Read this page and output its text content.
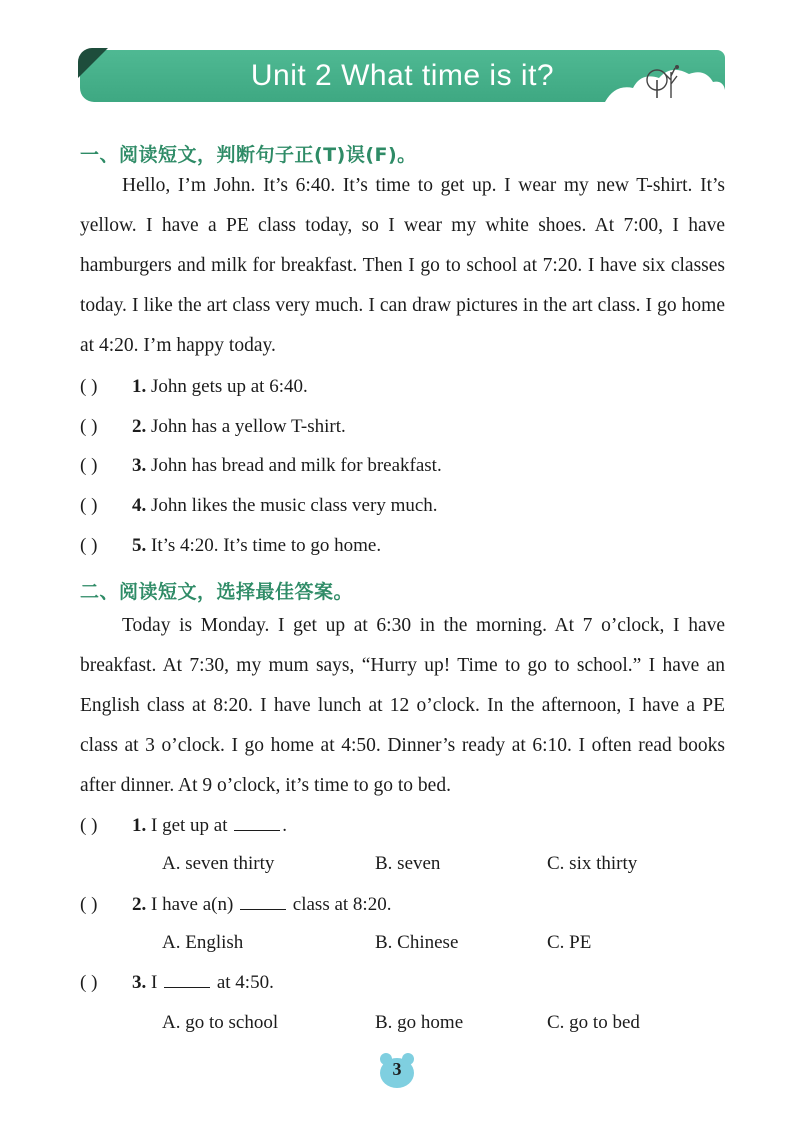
Unit 2 What time is it?
一、阅读短文，判断句子正(T)误(F)。

Hello, I’m John. It’s 6:40. It’s time to get up. I wear my new T-shirt. It’s yellow. I have a PE class today, so I wear my white shoes. At 7:00, I have hamburgers and milk for breakfast. Then I go to school at 7:20. I have six classes today. I like the art class very much. I can draw pictures in the art class. I go home at 4:20. I’m happy today.

( ) 1. John gets up at 6:40.
( ) 2. John has a yellow T-shirt.
( ) 3. John has bread and milk for breakfast.
( ) 4. John likes the music class very much.
( ) 5. It’s 4:20. It’s time to go home.
二、阅读短文，选择最佳答案。

Today is Monday. I get up at 6:30 in the morning. At 7 o’clock, I have breakfast. At 7:30, my mum says, “Hurry up! Time to go to school.” I have an English class at 8:20. I have lunch at 12 o’clock. In the afternoon, I have a PE class at 3 o’clock. I go home at 4:50. Dinner’s ready at 6:10. I often read books after dinner. At 9 o’clock, it’s time to go to bed.

( ) 1. I get up at	.
A. seven thirty	B. seven	C. six thirty
( ) 2. I have a(n)	class at 8:20.
A. English	B. Chinese	C. PE
( ) 3. I	at 4:50.
A. go to school	B. go home	C. go to bed
3
